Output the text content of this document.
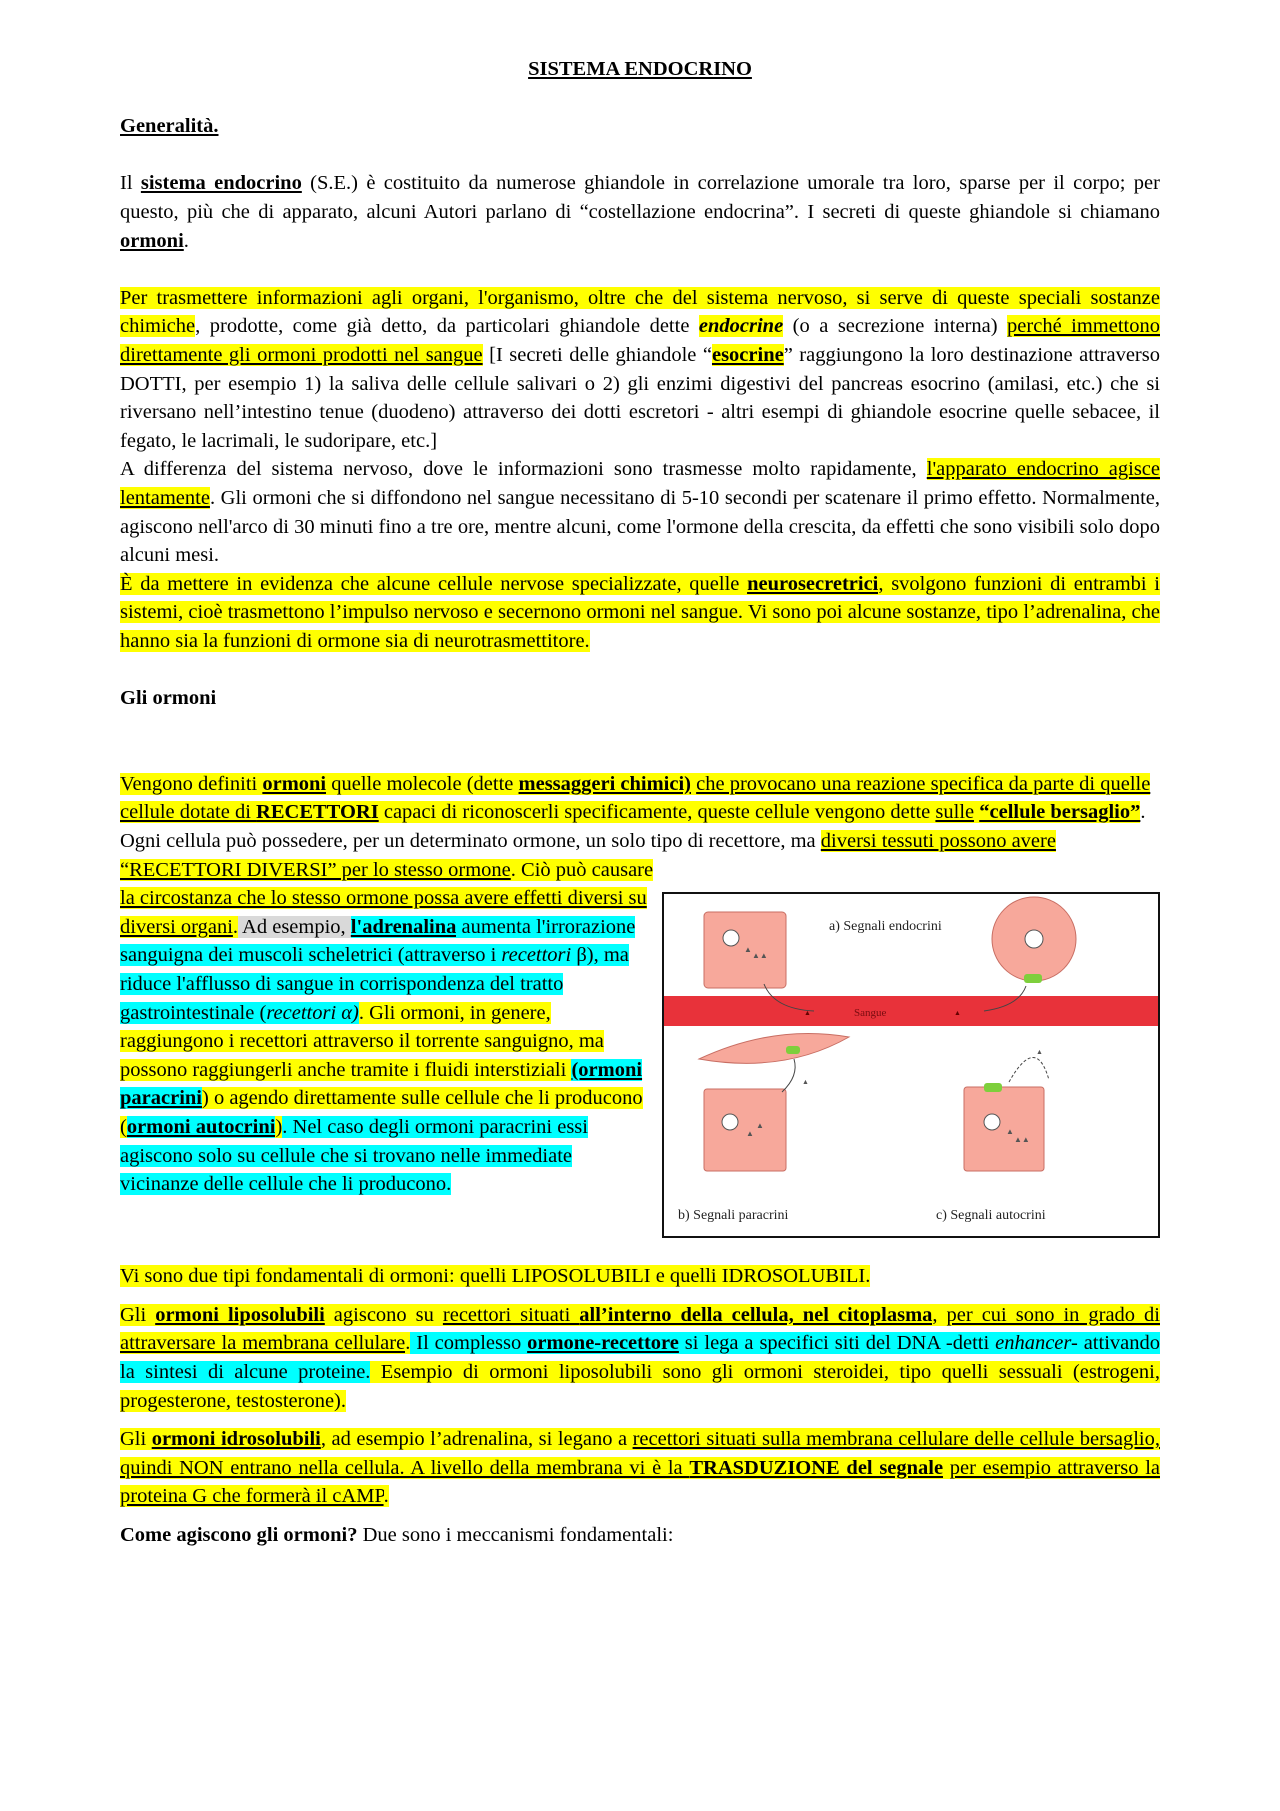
SISTEMA ENDOCRINO

Generalità.

Il sistema endocrino (S.E.) è costituito da numerose ghiandole in correlazione umorale tra loro, sparse per il corpo; per questo, più che di apparato, alcuni Autori parlano di “costellazione endocrina”. I secreti di queste ghiandole si chiamano ormoni.

Per trasmettere informazioni agli organi, l'organismo, oltre che del sistema nervoso, si serve di queste speciali sostanze chimiche, prodotte, come già detto, da particolari ghiandole dette endocrine (o a secrezione interna) perché immettono direttamente gli ormoni prodotti nel sangue [I secreti delle ghiandole “esocrine” raggiungono la loro destinazione attraverso DOTTI, per esempio 1) la saliva delle cellule salivari o 2) gli enzimi digestivi del pancreas esocrino (amilasi, etc.) che si riversano nell’intestino tenue (duodeno) attraverso dei dotti escretori - altri esempi di ghiandole esocrine quelle sebacee, il fegato, le lacrimali, le sudoripare, etc.]

A differenza del sistema nervoso, dove le informazioni sono trasmesse molto rapidamente, l'apparato endocrino agisce lentamente. Gli ormoni che si diffondono nel sangue necessitano di 5-10 secondi per scatenare il primo effetto. Normalmente, agiscono nell'arco di 30 minuti fino a tre ore, mentre alcuni, come l'ormone della crescita, da effetti che sono visibili solo dopo alcuni mesi.

È da mettere in evidenza che alcune cellule nervose specializzate, quelle neurosecretrici, svolgono funzioni di entrambi i sistemi, cioè trasmettono l’impulso nervoso e secernono ormoni nel sangue. Vi sono poi alcune sostanze, tipo l’adrenalina, che hanno sia la funzioni di ormone sia di neurotrasmettitore.

Gli ormoni

Vengono definiti ormoni quelle molecole (dette messaggeri chimici) che provocano una reazione specifica da parte di quelle cellule dotate di RECETTORI capaci di riconoscerli specificamente, queste cellule vengono dette sulle “cellule bersaglio”. Ogni cellula può possedere, per un determinato ormone, un solo tipo di recettore, ma diversi tessuti possono avere “RECETTORI DIVERSI” per lo stesso ormone. Ciò può causare

▲
▲▲
a) Segnali endocrini
Sangue
▲	▲
▲
▲
▲
b) Segnali paracrini
▲
▲▲
▲
c) Segnali autocrini

la circostanza che lo stesso ormone possa avere effetti diversi su diversi organi. Ad esempio, l'adrenalina aumenta l'irrorazione sanguigna dei muscoli scheletrici (attraverso i recettori β), ma riduce l'afflusso di sangue in corrispondenza del tratto gastrointestinale (recettori α). Gli ormoni, in genere, raggiungono i recettori attraverso il torrente sanguigno, ma possono raggiungerli anche tramite i fluidi interstiziali (ormoni paracrini) o agendo direttamente sulle cellule che li producono (ormoni autocrini). Nel caso degli ormoni paracrini essi agiscono solo su cellule che si trovano nelle immediate vicinanze delle cellule che li producono.

Vi sono due tipi fondamentali di ormoni: quelli LIPOSOLUBILI e quelli IDROSOLUBILI.

Gli ormoni liposolubili agiscono su recettori situati all’interno della cellula, nel citoplasma, per cui sono in grado di attraversare la membrana cellulare. Il complesso ormone-recettore si lega a specifici siti del DNA -detti enhancer- attivando la sintesi di alcune proteine. Esempio di ormoni liposolubili sono gli ormoni steroidei, tipo quelli sessuali (estrogeni, progesterone, testosterone).

Gli ormoni idrosolubili, ad esempio l’adrenalina, si legano a recettori situati sulla membrana cellulare delle cellule bersaglio, quindi NON entrano nella cellula. A livello della membrana vi è la TRASDUZIONE del segnale per esempio attraverso la proteina G che formerà il cAMP.

Come agiscono gli ormoni? Due sono i meccanismi fondamentali:
